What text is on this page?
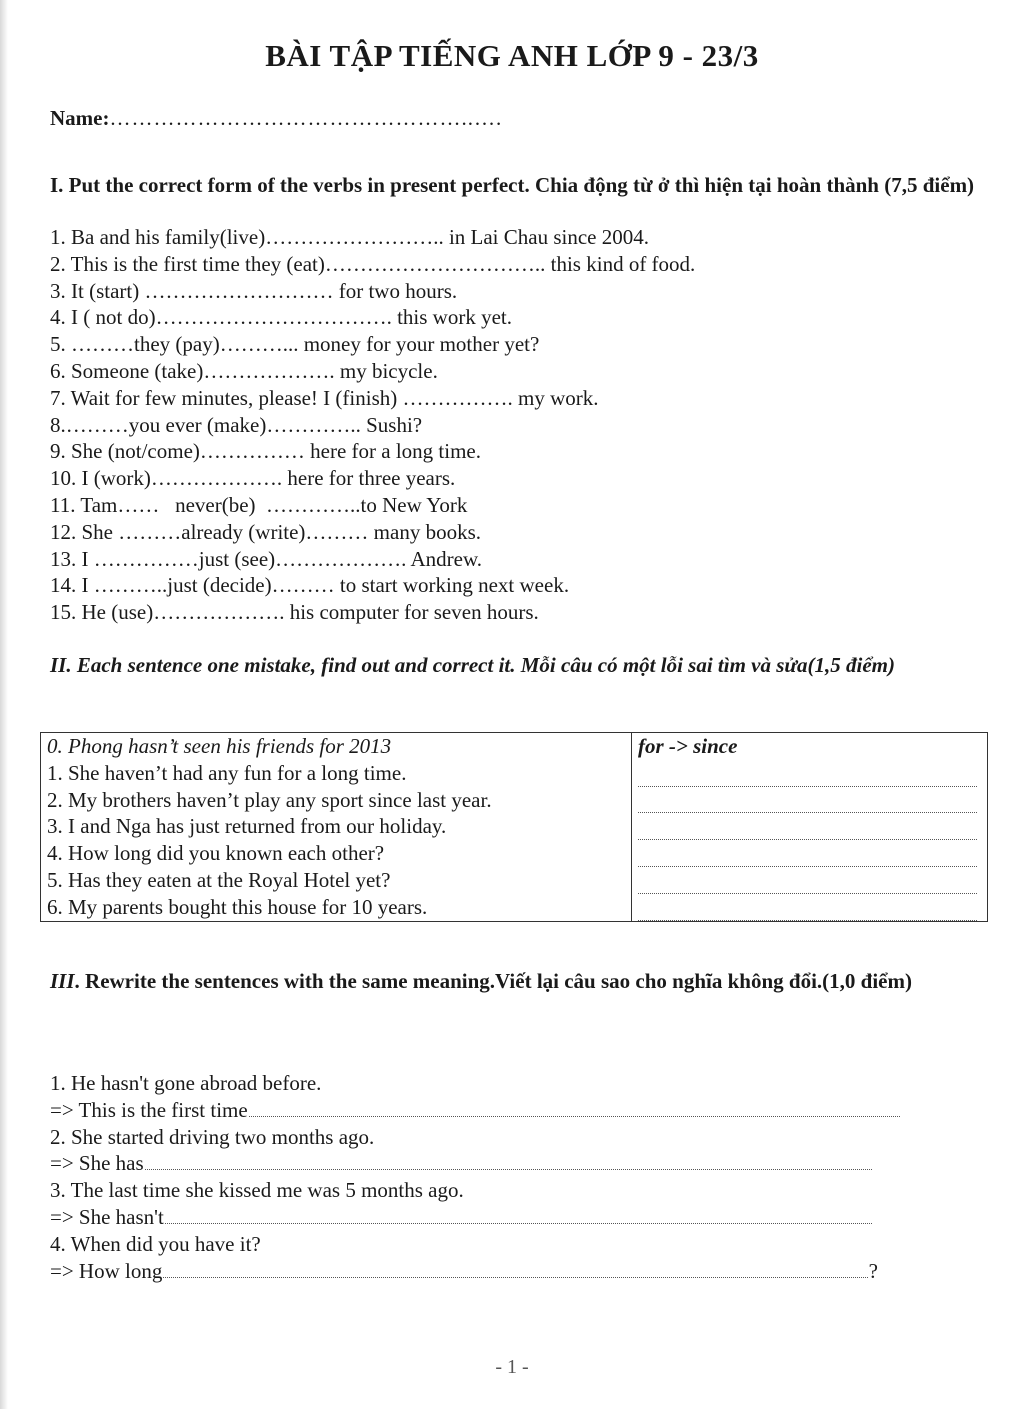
BÀI TẬP TIẾNG ANH LỚP 9 - 23/3
Name:…………………………………………..….
I. Put the correct form of the verbs in present perfect. Chia động từ ở thì hiện tại hoàn thành (7,5 điểm)
1. Ba and his family(live)…………………….. in Lai Chau since 2004.
2. This is the first time they (eat)………………………….. this kind of food.
3. It (start) ……………………… for two hours.
4. I ( not do)……………………………. this work yet.
5. ………they (pay)………... money for your mother yet?
6. Someone (take)………………. my bicycle.
7. Wait for few minutes, please! I (finish) ……………. my work.
8.………you ever (make)………….. Sushi?
9. She (not/come)…………… here for a long time.
10. I (work)………………. here for three years.
11. Tam……   never(be)  …………..to New York
12. She ………already (write)……… many books.
13. I ……………just (see)………………. Andrew.
14. I ………..just (decide)……… to start working next week.
15. He (use)………………. his computer for seven hours.
II. Each sentence one mistake, find out and correct it. Mỗi câu có một lỗi sai tìm và sửa(1,5 điểm)
0. Phong hasn’t seen his friends for 2013	for -> since
1. She haven’t had any fun for a long time.	

2. My brothers haven’t play any sport since last year.	

3. I and Nga has just returned from our holiday.	

4. How long did you known each other?	

5. Has they eaten at the Royal Hotel yet?	

6. My parents bought this house for 10 years.	
III. Rewrite the sentences with the same meaning.Viết lại câu sao cho nghĩa không đổi.(1,0 điểm)
1. He hasn't gone abroad before.
=> This is the first time
2. She started driving two months ago.
=> She has
3. The last time she kissed me was 5 months ago.
=> She hasn't
4. When did you have it?
=> How long	?
- 1 -
